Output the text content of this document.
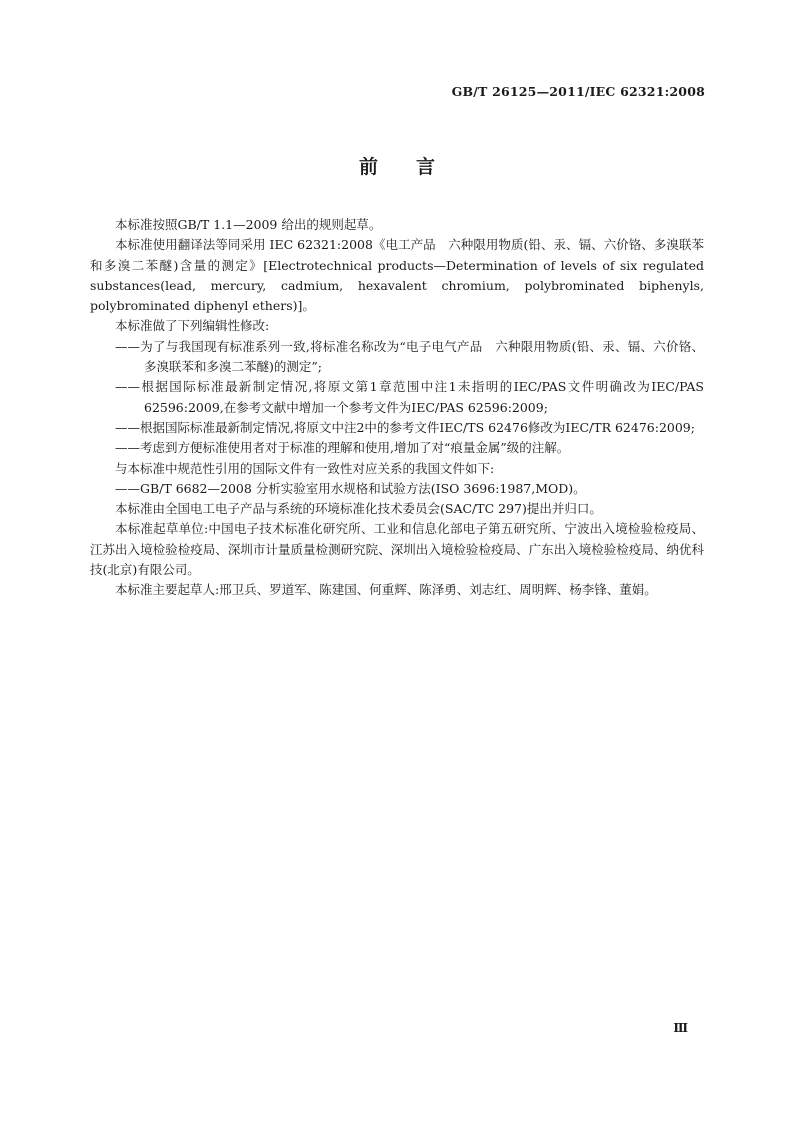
GB/T 26125—2011/IEC 62321:2008
前言

本标准按照GB/T 1.1—2009 给出的规则起草。

本标准使用翻译法等同采用 IEC 62321:2008《电工产品　六种限用物质(铅、汞、镉、六价铬、多溴联苯和多溴二苯醚)含量的测定》[Electrotechnical products—Determination of levels of six regulated substances(lead, mercury, cadmium, hexavalent chromium, polybrominated biphenyls, polybrominated diphenyl ethers)]。

本标准做了下列编辑性修改:

——为了与我国现有标准系列一致,将标准名称改为“电子电气产品　六种限用物质(铅、汞、镉、六价铬、多溴联苯和多溴二苯醚)的测定”;

——根据国际标准最新制定情况,将原文第1章范围中注1未指明的IEC/PAS文件明确改为IEC/PAS 62596:2009,在参考文献中增加一个参考文件为IEC/PAS 62596:2009;

——根据国际标准最新制定情况,将原文中注2中的参考文件IEC/TS 62476修改为IEC/TR 62476:2009;

——考虑到方便标准使用者对于标准的理解和使用,增加了对“痕量金属”级的注解。

与本标准中规范性引用的国际文件有一致性对应关系的我国文件如下:

——GB/T 6682—2008 分析实验室用水规格和试验方法(ISO 3696:1987,MOD)。

本标准由全国电工电子产品与系统的环境标准化技术委员会(SAC/TC 297)提出并归口。

本标准起草单位:中国电子技术标准化研究所、工业和信息化部电子第五研究所、宁波出入境检验检疫局、江苏出入境检验检疫局、深圳市计量质量检测研究院、深圳出入境检验检疫局、广东出入境检验检疫局、纳优科技(北京)有限公司。

本标准主要起草人:邢卫兵、罗道军、陈建国、何重辉、陈泽勇、刘志红、周明辉、杨李锋、董娟。

Ⅲ
